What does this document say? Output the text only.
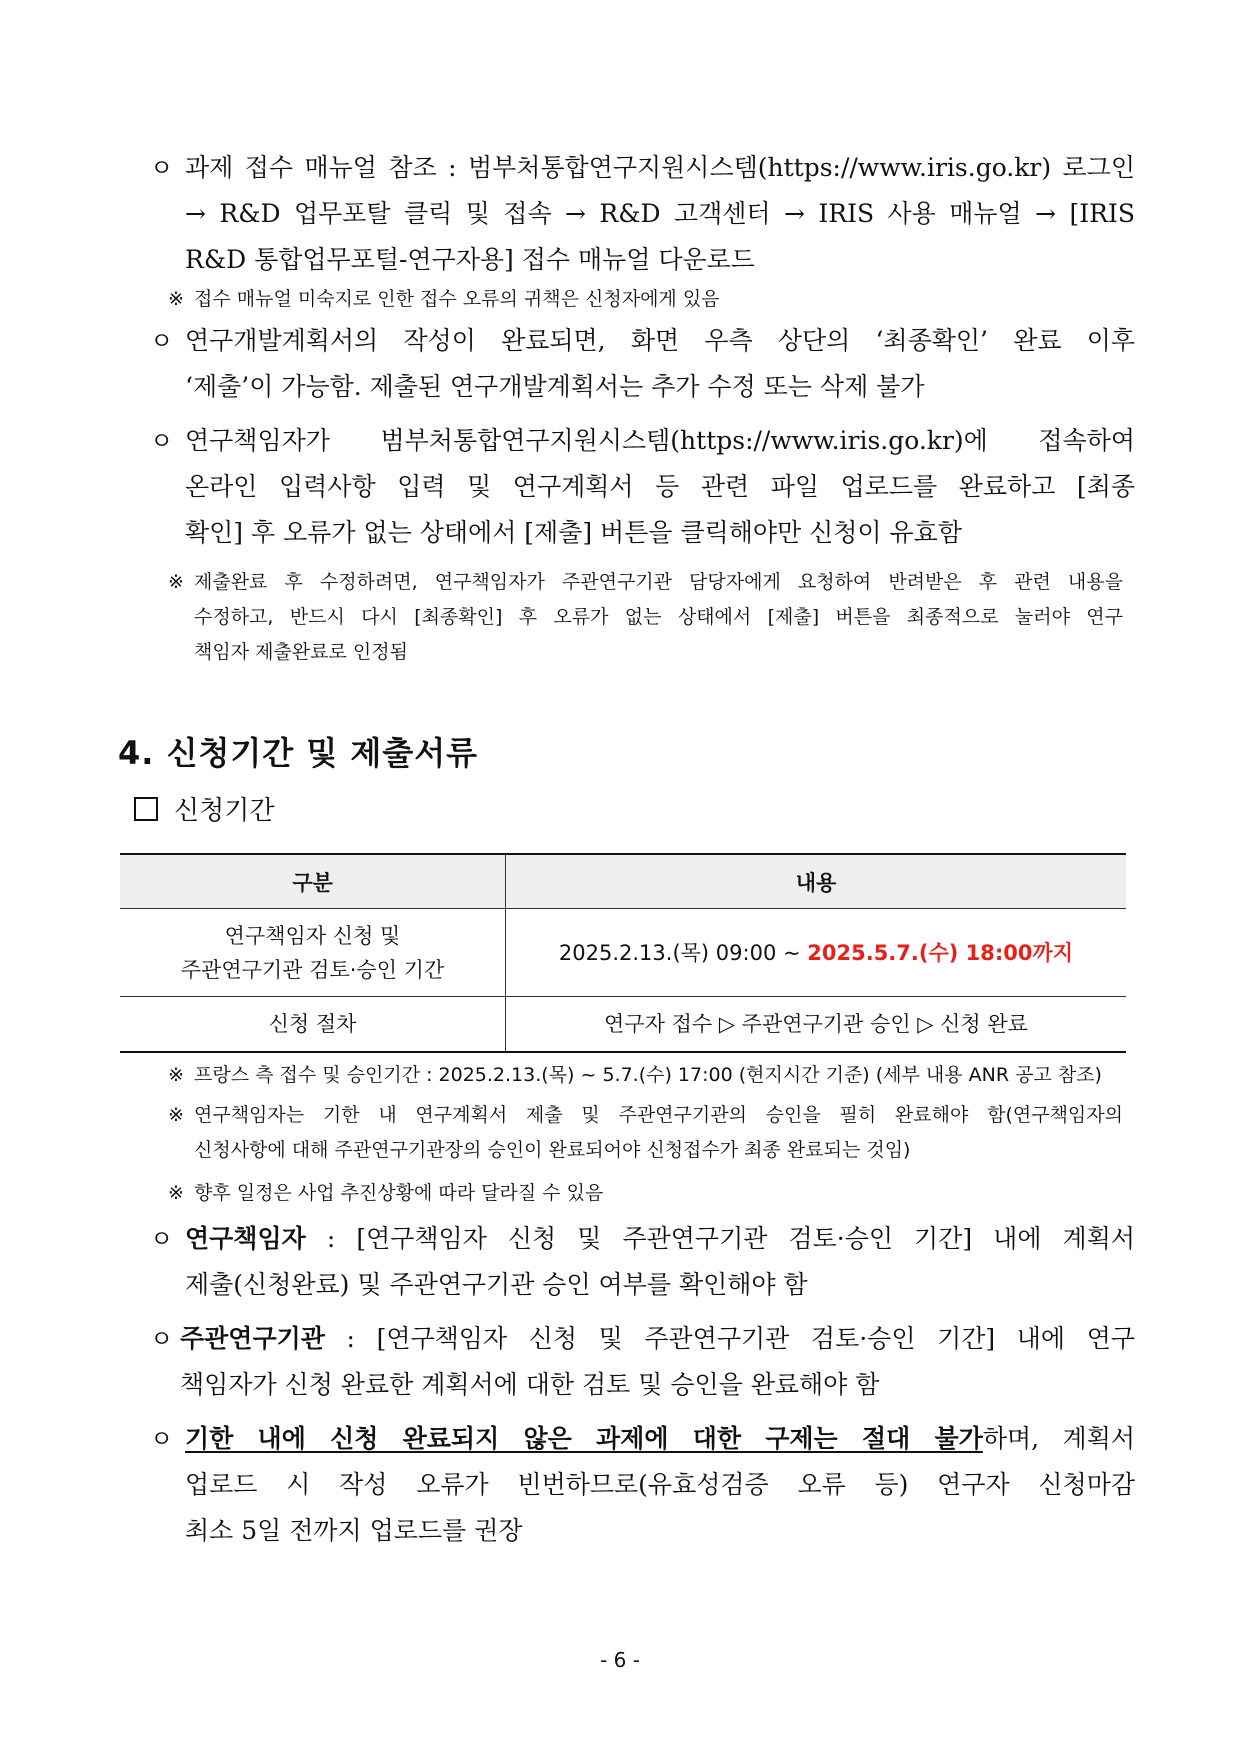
ㅇ 과제 접수 매뉴얼 참조 : 범부처통합연구지원시스템(https://www.iris.go.kr) 로그인
→ R&D 업무포탈 클릭 및 접속 → R&D 고객센터 → IRIS 사용 매뉴얼 → [IRIS
R&D 통합업무포털-연구자용] 접수 매뉴얼 다운로드
※ 접수 매뉴얼 미숙지로 인한 접수 오류의 귀책은 신청자에게 있음
ㅇ 연구개발계획서의 작성이 완료되면, 화면 우측 상단의 ‘최종확인’ 완료 이후
‘제출’이 가능함. 제출된 연구개발계획서는 추가 수정 또는 삭제 불가
ㅇ 연구책임자가 범부처통합연구지원시스템(https://www.iris.go.kr)에 접속하여
온라인 입력사항 입력 및 연구계획서 등 관련 파일 업로드를 완료하고 [최종
확인] 후 오류가 없는 상태에서 [제출] 버튼을 클릭해야만 신청이 유효함
※ 제출완료 후 수정하려면, 연구책임자가 주관연구기관 담당자에게 요청하여 반려받은 후 관련 내용을
수정하고, 반드시 다시 [최종확인] 후 오류가 없는 상태에서 [제출] 버튼을 최종적으로 눌러야 연구
책임자 제출완료로 인정됨
4. 신청기간 및 제출서류
신청기간
구분	내용

연구책임자 신청 및
주관연구기관 검토·승인 기간	2025.2.13.(목) 09:00 ~ 2025.5.7.(수) 18:00까지
신청 절차	연구자 접수 ▷ 주관연구기관 승인 ▷ 신청 완료
※ 프랑스 측 접수 및 승인기간 : 2025.2.13.(목) ~ 5.7.(수) 17:00 (현지시간 기준) (세부 내용 ANR 공고 참조)
※ 연구책임자는 기한 내 연구계획서 제출 및 주관연구기관의 승인을 필히 완료해야 함(연구책임자의
신청사항에 대해 주관연구기관장의 승인이 완료되어야 신청접수가 최종 완료되는 것임)
※ 향후 일정은 사업 추진상황에 따라 달라질 수 있음
ㅇ 연구책임자 : [연구책임자 신청 및 주관연구기관 검토·승인 기간] 내에 계획서
제출(신청완료) 및 주관연구기관 승인 여부를 확인해야 함
ㅇ 주관연구기관 : [연구책임자 신청 및 주관연구기관 검토·승인 기간] 내에 연구
책임자가 신청 완료한 계획서에 대한 검토 및 승인을 완료해야 함
ㅇ 기한 내에 신청 완료되지 않은 과제에 대한 구제는 절대 불가하며, 계획서
업로드 시 작성 오류가 빈번하므로(유효성검증 오류 등) 연구자 신청마감
최소 5일 전까지 업로드를 권장
- 6 -
